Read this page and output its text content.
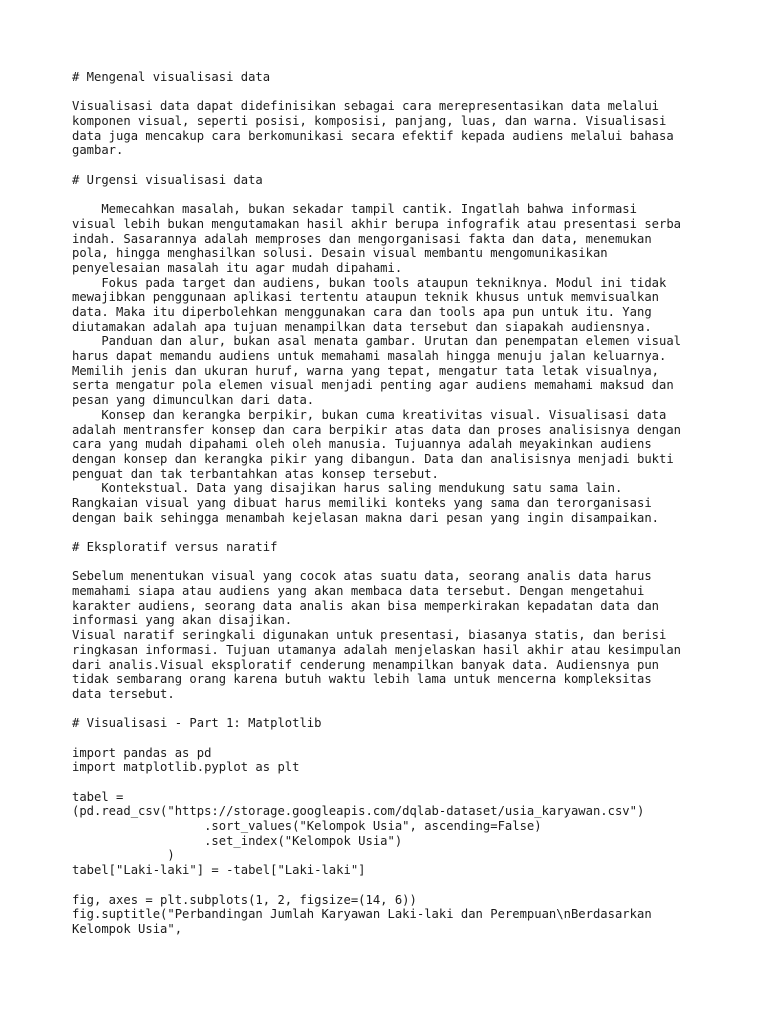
# Mengenal visualisasi data
Visualisasi data dapat didefinisikan sebagai cara merepresentasikan data melalui
komponen visual, seperti posisi, komposisi, panjang, luas, dan warna. Visualisasi
data juga mencakup cara berkomunikasi secara efektif kepada audiens melalui bahasa
gambar.
# Urgensi visualisasi data
Memecahkan masalah, bukan sekadar tampil cantik. Ingatlah bahwa informasi
visual lebih bukan mengutamakan hasil akhir berupa infografik atau presentasi serba
indah. Sasarannya adalah memproses dan mengorganisasi fakta dan data, menemukan
pola, hingga menghasilkan solusi. Desain visual membantu mengomunikasikan
penyelesaian masalah itu agar mudah dipahami.
Fokus pada target dan audiens, bukan tools ataupun tekniknya. Modul ini tidak
mewajibkan penggunaan aplikasi tertentu ataupun teknik khusus untuk memvisualkan
data. Maka itu diperbolehkan menggunakan cara dan tools apa pun untuk itu. Yang
diutamakan adalah apa tujuan menampilkan data tersebut dan siapakah audiensnya.
Panduan dan alur, bukan asal menata gambar. Urutan dan penempatan elemen visual
harus dapat memandu audiens untuk memahami masalah hingga menuju jalan keluarnya.
Memilih jenis dan ukuran huruf, warna yang tepat, mengatur tata letak visualnya,
serta mengatur pola elemen visual menjadi penting agar audiens memahami maksud dan
pesan yang dimunculkan dari data.
Konsep dan kerangka berpikir, bukan cuma kreativitas visual. Visualisasi data
adalah mentransfer konsep dan cara berpikir atas data dan proses analisisnya dengan
cara yang mudah dipahami oleh oleh manusia. Tujuannya adalah meyakinkan audiens
dengan konsep dan kerangka pikir yang dibangun. Data dan analisisnya menjadi bukti
penguat dan tak terbantahkan atas konsep tersebut.
Kontekstual. Data yang disajikan harus saling mendukung satu sama lain.
Rangkaian visual yang dibuat harus memiliki konteks yang sama dan terorganisasi
dengan baik sehingga menambah kejelasan makna dari pesan yang ingin disampaikan.
# Eksploratif versus naratif
Sebelum menentukan visual yang cocok atas suatu data, seorang analis data harus
memahami siapa atau audiens yang akan membaca data tersebut. Dengan mengetahui
karakter audiens, seorang data analis akan bisa memperkirakan kepadatan data dan
informasi yang akan disajikan.
Visual naratif seringkali digunakan untuk presentasi, biasanya statis, dan berisi
ringkasan informasi. Tujuan utamanya adalah menjelaskan hasil akhir atau kesimpulan
dari analis.Visual eksploratif cenderung menampilkan banyak data. Audiensnya pun
tidak sembarang orang karena butuh waktu lebih lama untuk mencerna kompleksitas
data tersebut.
# Visualisasi - Part 1: Matplotlib
import pandas as pd
import matplotlib.pyplot as plt
tabel =
(pd.read_csv("https://storage.googleapis.com/dqlab-dataset/usia_karyawan.csv")
.sort_values("Kelompok Usia", ascending=False)
.set_index("Kelompok Usia")
)
tabel["Laki-laki"] = -tabel["Laki-laki"]
fig, axes = plt.subplots(1, 2, figsize=(14, 6))
fig.suptitle("Perbandingan Jumlah Karyawan Laki-laki dan Perempuan\nBerdasarkan
Kelompok Usia",
